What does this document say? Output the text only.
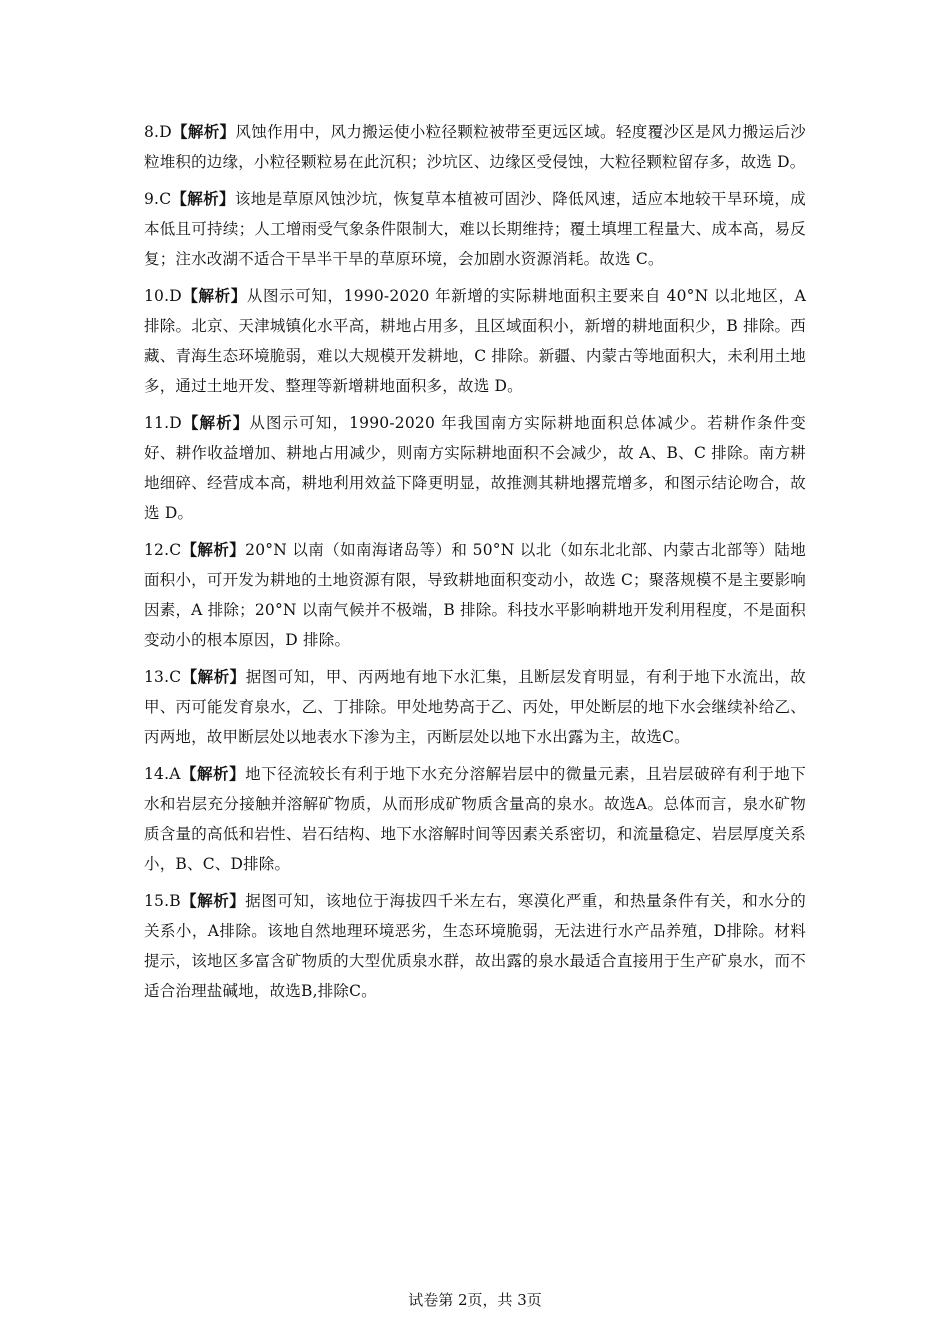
8.D【解析】风蚀作用中，风力搬运使小粒径颗粒被带至更远区域。轻度覆沙区是风力搬运后沙粒堆积的边缘，小粒径颗粒易在此沉积；沙坑区、边缘区受侵蚀，大粒径颗粒留存多，故选 D。

9.C【解析】该地是草原风蚀沙坑，恢复草本植被可固沙、降低风速，适应本地较干旱环境，成本低且可持续；人工增雨受气象条件限制大，难以长期维持；覆土填埋工程量大、成本高，易反复；注水改湖不适合干旱半干旱的草原环境，会加剧水资源消耗。故选 C。

10.D【解析】从图示可知，1990-2020 年新增的实际耕地面积主要来自 40°N 以北地区，A 排除。北京、天津城镇化水平高，耕地占用多，且区域面积小，新增的耕地面积少，B 排除。西藏、青海生态环境脆弱，难以大规模开发耕地，C 排除。新疆、内蒙古等地面积大，未利用土地多，通过土地开发、整理等新增耕地面积多，故选 D。

11.D【解析】从图示可知，1990-2020 年我国南方实际耕地面积总体减少。若耕作条件变好、耕作收益增加、耕地占用减少，则南方实际耕地面积不会减少，故 A、B、C 排除。南方耕地细碎、经营成本高，耕地利用效益下降更明显，故推测其耕地撂荒增多，和图示结论吻合，故选 D。

12.C【解析】20°N 以南（如南海诸岛等）和 50°N 以北（如东北北部、内蒙古北部等）陆地面积小，可开发为耕地的土地资源有限，导致耕地面积变动小，故选 C；聚落规模不是主要影响因素，A 排除；20°N 以南气候并不极端，B 排除。科技水平影响耕地开发利用程度，不是面积变动小的根本原因，D 排除。

13.C【解析】据图可知，甲、丙两地有地下水汇集，且断层发育明显，有利于地下水流出，故甲、丙可能发育泉水，乙、丁排除。甲处地势高于乙、丙处，甲处断层的地下水会继续补给乙、丙两地，故甲断层处以地表水下渗为主，丙断层处以地下水出露为主，故选C。

14.A【解析】地下径流较长有利于地下水充分溶解岩层中的微量元素，且岩层破碎有利于地下水和岩层充分接触并溶解矿物质，从而形成矿物质含量高的泉水。故选A。总体而言，泉水矿物质含量的高低和岩性、岩石结构、地下水溶解时间等因素关系密切，和流量稳定、岩层厚度关系小，B、C、D排除。

15.B【解析】据图可知，该地位于海拔四千米左右，寒漠化严重，和热量条件有关，和水分的关系小，A排除。该地自然地理环境恶劣，生态环境脆弱，无法进行水产品养殖，D排除。材料提示，该地区多富含矿物质的大型优质泉水群，故出露的泉水最适合直接用于生产矿泉水，而不适合治理盐碱地，故选B,排除C。

试卷第 2页，共 3页
